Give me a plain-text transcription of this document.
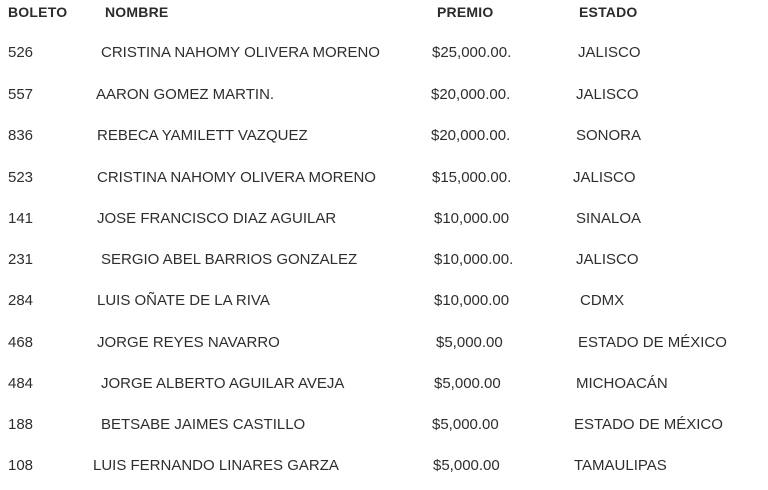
BOLETO	NOMBRE	PREMIO	ESTADO
526	CRISTINA NAHOMY OLIVERA MORENO	$25,000.00.	JALISCO
557	AARON GOMEZ MARTIN.	$20,000.00.	JALISCO
836	REBECA YAMILETT VAZQUEZ	$20,000.00.	SONORA
523	CRISTINA NAHOMY OLIVERA MORENO	$15,000.00.	JALISCO
141	JOSE FRANCISCO DIAZ AGUILAR	$10,000.00	SINALOA
231	SERGIO ABEL BARRIOS GONZALEZ	$10,000.00.	JALISCO
284	LUIS OÑATE DE LA RIVA	$10,000.00	CDMX
468	JORGE REYES NAVARRO	$5,000.00	ESTADO DE MÉXICO
484	JORGE ALBERTO AGUILAR AVEJA	$5,000.00	MICHOACÁN
188	BETSABE JAIMES CASTILLO	$5,000.00	ESTADO DE MÉXICO
108	LUIS FERNANDO LINARES GARZA	$5,000.00	TAMAULIPAS
